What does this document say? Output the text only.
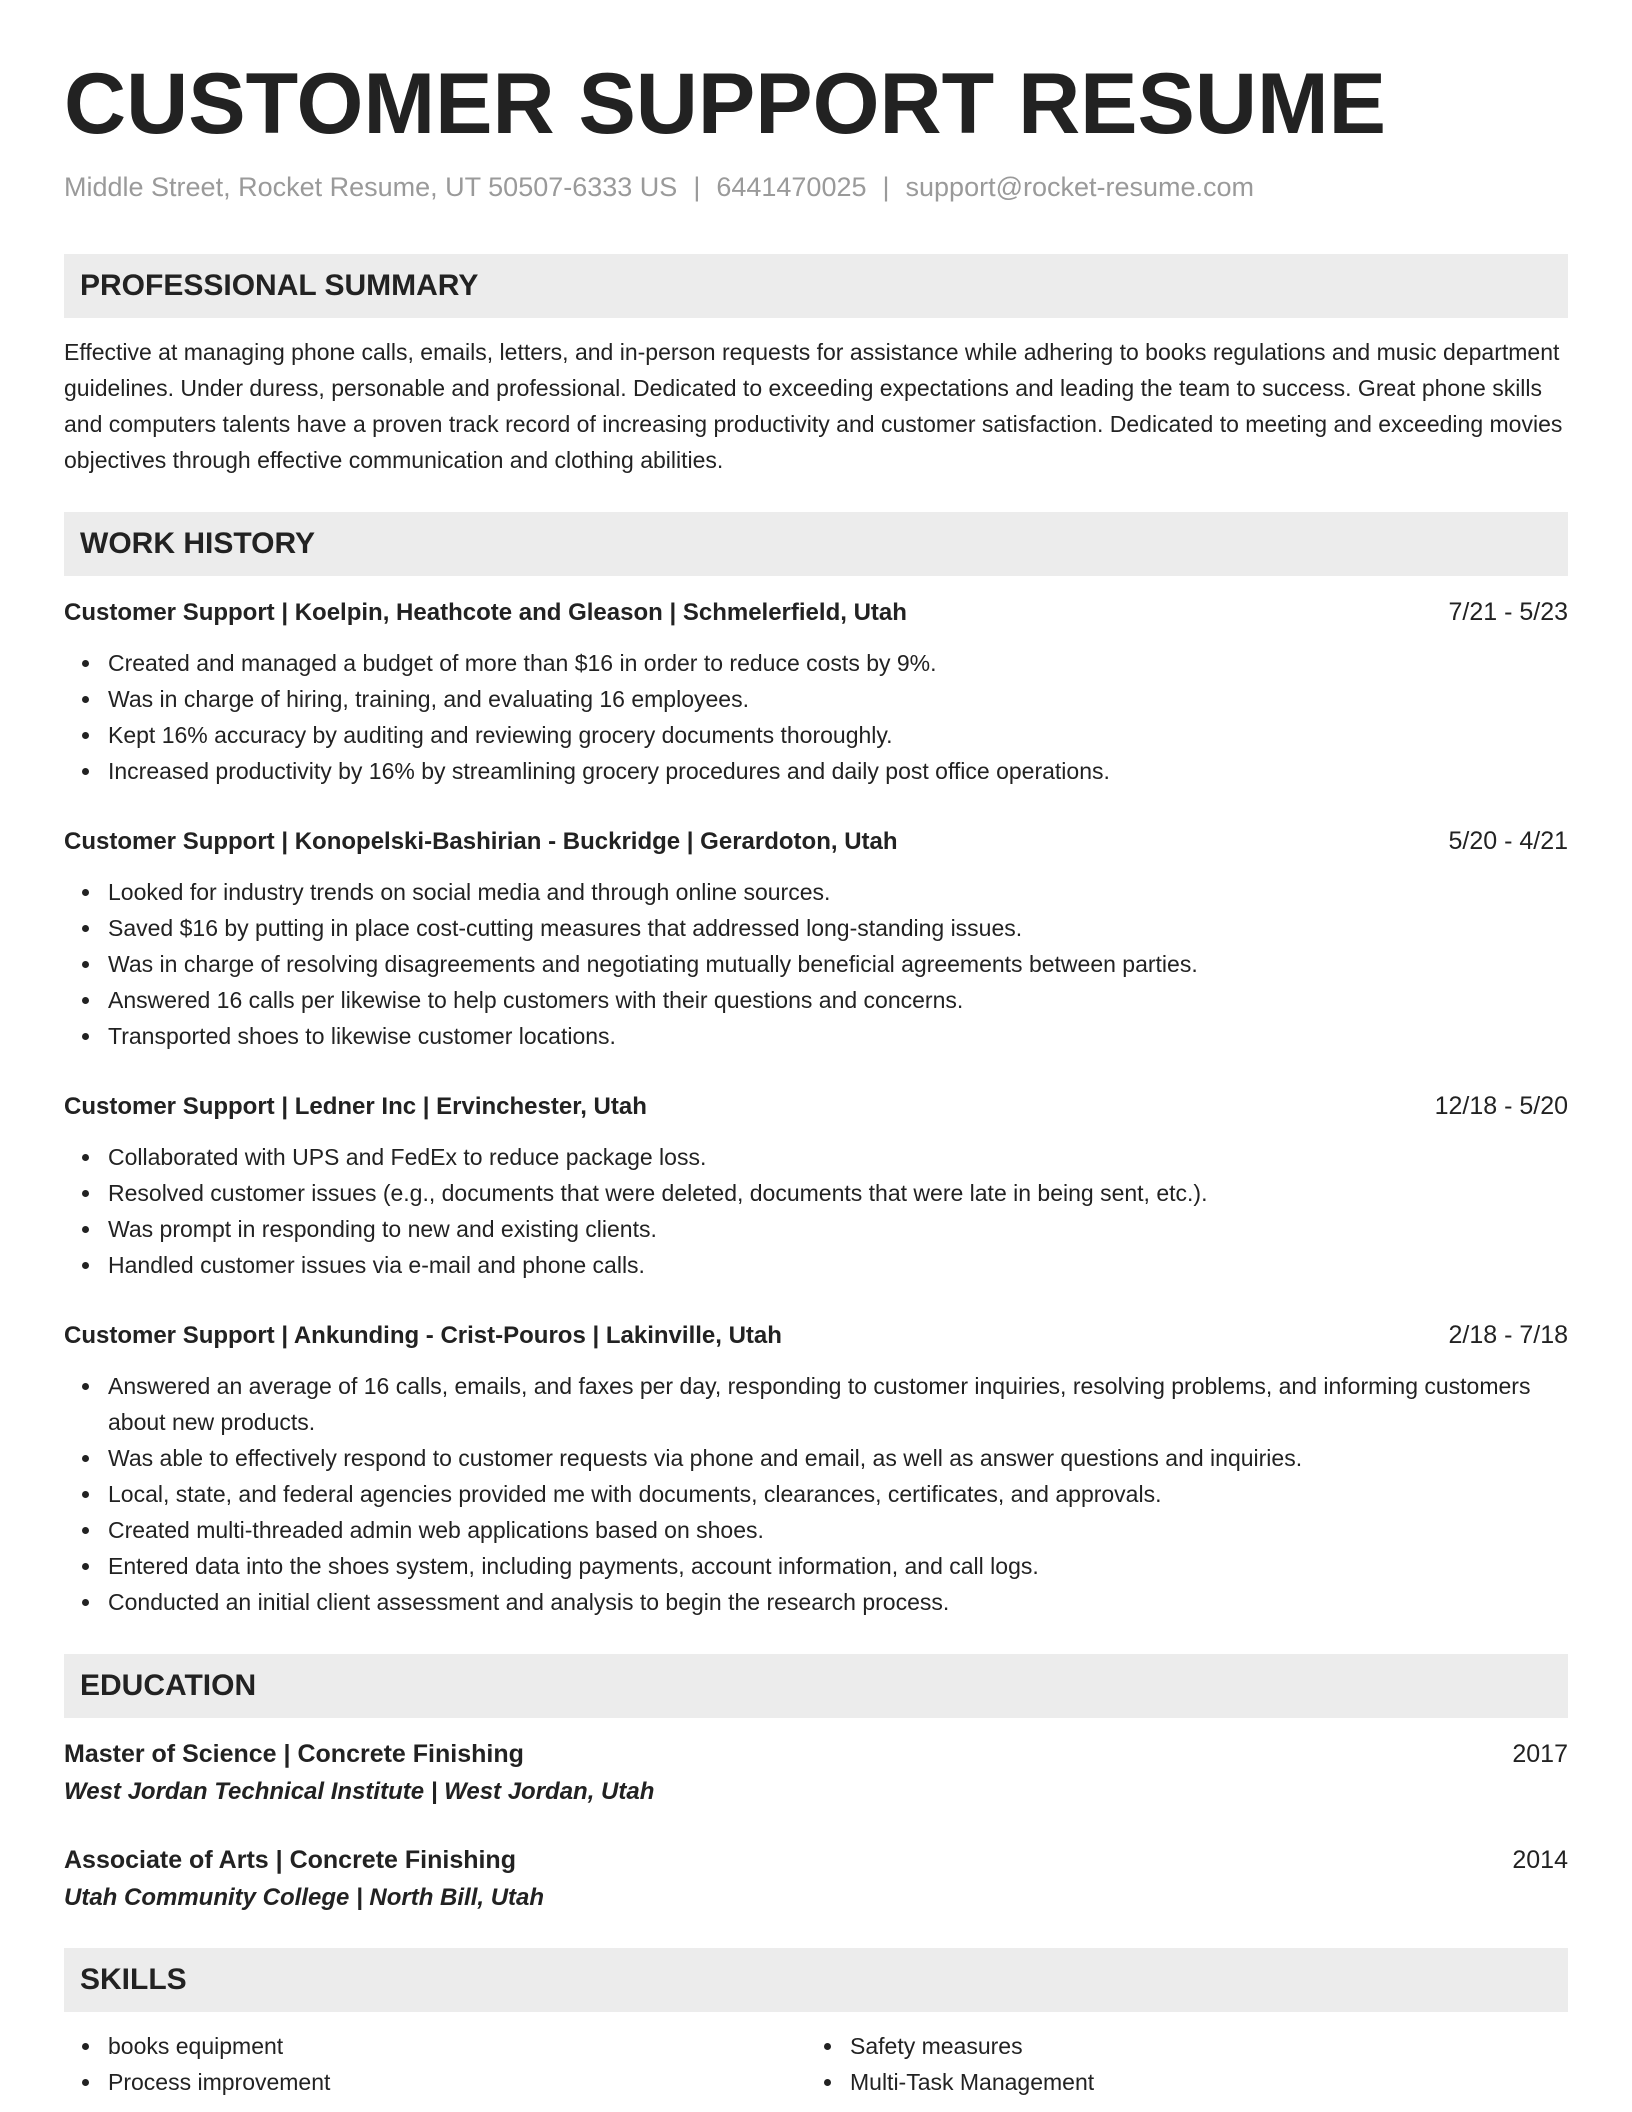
CUSTOMER SUPPORT RESUME
Middle Street, Rocket Resume, UT 50507-6333 US | 6441470025 | support@rocket-resume.com
PROFESSIONAL SUMMARY

Effective at managing phone calls, emails, letters, and in-person requests for assistance while adhering to books regulations and music department guidelines. Under duress, personable and professional. Dedicated to exceeding expectations and leading the team to success. Great phone skills and computers talents have a proven track record of increasing productivity and customer satisfaction. Dedicated to meeting and exceeding movies objectives through effective communication and clothing abilities.

WORK HISTORY
Customer Support | Koelpin, Heathcote and Gleason | Schmelerfield, Utah	7/21 - 5/23
Created and managed a budget of more than $16 in order to reduce costs by 9%.
Was in charge of hiring, training, and evaluating 16 employees.
Kept 16% accuracy by auditing and reviewing grocery documents thoroughly.
Increased productivity by 16% by streamlining grocery procedures and daily post office operations.
Customer Support | Konopelski-Bashirian - Buckridge | Gerardoton, Utah	5/20 - 4/21
Looked for industry trends on social media and through online sources.
Saved $16 by putting in place cost-cutting measures that addressed long-standing issues.
Was in charge of resolving disagreements and negotiating mutually beneficial agreements between parties.
Answered 16 calls per likewise to help customers with their questions and concerns.
Transported shoes to likewise customer locations.
Customer Support | Ledner Inc | Ervinchester, Utah	12/18 - 5/20
Collaborated with UPS and FedEx to reduce package loss.
Resolved customer issues (e.g., documents that were deleted, documents that were late in being sent, etc.).
Was prompt in responding to new and existing clients.
Handled customer issues via e-mail and phone calls.
Customer Support | Ankunding - Crist-Pouros | Lakinville, Utah	2/18 - 7/18
Answered an average of 16 calls, emails, and faxes per day, responding to customer inquiries, resolving problems, and informing customers about new products.
Was able to effectively respond to customer requests via phone and email, as well as answer questions and inquiries.
Local, state, and federal agencies provided me with documents, clearances, certificates, and approvals.
Created multi-threaded admin web applications based on shoes.
Entered data into the shoes system, including payments, account information, and call logs.
Conducted an initial client assessment and analysis to begin the research process.
EDUCATION
Master of Science | Concrete Finishing	2017
West Jordan Technical Institute | West Jordan, Utah
Associate of Arts | Concrete Finishing	2014
Utah Community College | North Bill, Utah
SKILLS
books equipment
Process improvement
Safety measures
Multi-Task Management
